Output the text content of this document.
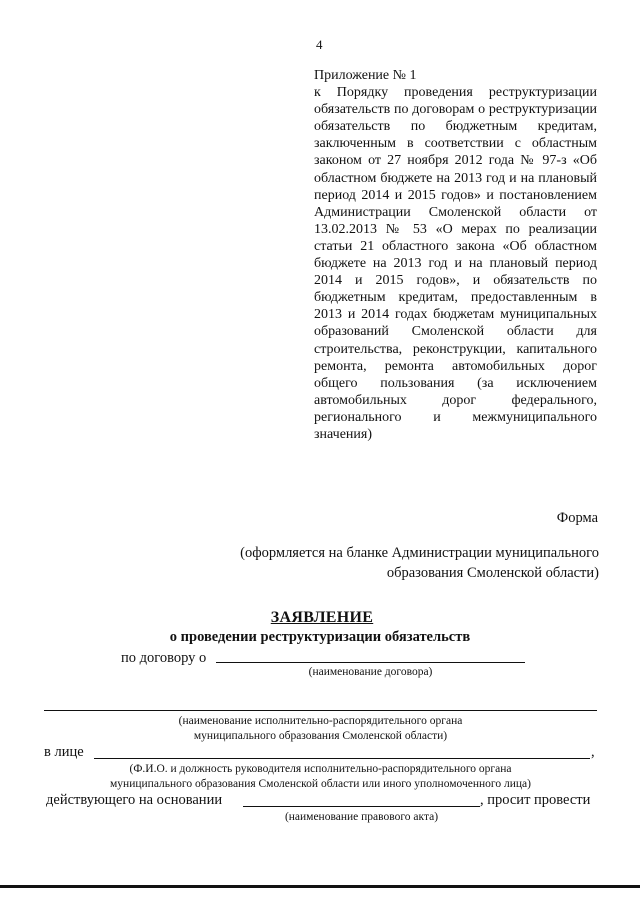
4
Приложение № 1
к Порядку проведения реструктуризации обязательств по договорам о реструктуризации обязательств по бюджетным кредитам, заключенным в соответствии с областным законом от 27 ноября 2012 года № 97-з «Об областном бюджете на 2013 год и на плановый период 2014 и 2015 годов» и постановлением Администрации Смоленской области от 13.02.2013 № 53 «О мерах по реализации статьи 21 областного закона «Об областном бюджете на 2013 год и на плановый период 2014 и 2015 годов», и обязательств по бюджетным кредитам, предоставленным в 2013 и 2014 годах бюджетам муниципальных образований Смоленской области для строительства, реконструкции, капитального ремонта, ремонта автомобильных дорог общего пользования (за исключением автомобильных дорог федерального, регионального и межмуниципального значения)
Форма
(оформляется на бланке Администрации муниципального образования Смоленской области)
ЗАЯВЛЕНИЕ
о проведении реструктуризации обязательств
по договору о
(наименование договора)
(наименование исполнительно-распорядительного органа
муниципального образования Смоленской области)
в лице	,
(Ф.И.О. и должность руководителя исполнительно-распорядительного органа
муниципального образования Смоленской области или иного уполномоченного лица)
действующего на основании	, просит провести
(наименование правового акта)
